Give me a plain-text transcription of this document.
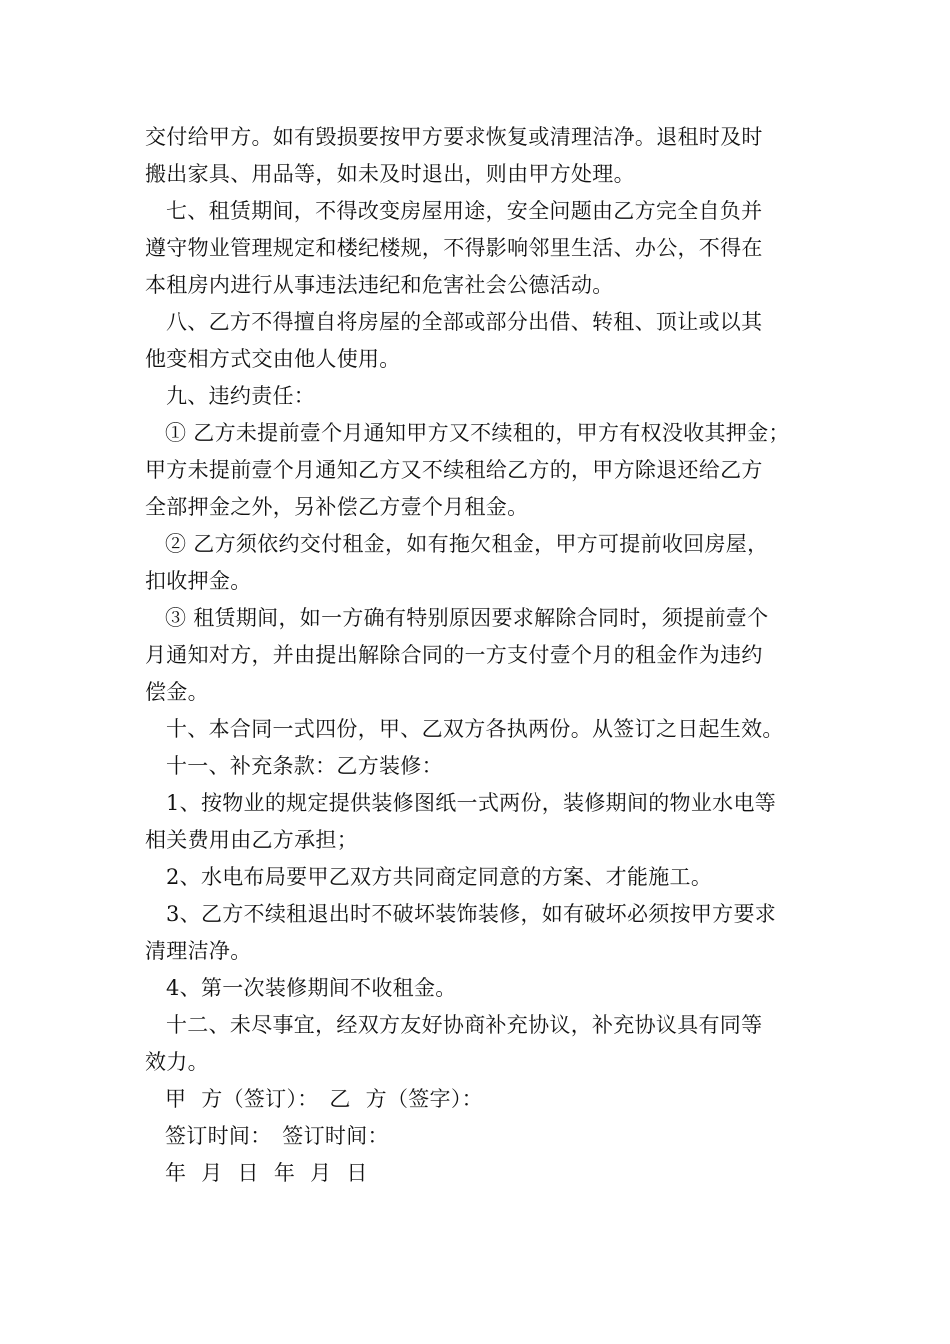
交付给甲方。如有毁损要按甲方要求恢复或清理洁净。退租时及时
搬出家具、用品等，如未及时退出，则由甲方处理。
七、租赁期间，不得改变房屋用途，安全问题由乙方完全自负并
遵守物业管理规定和楼纪楼规，不得影响邻里生活、办公，不得在
本租房内进行从事违法违纪和危害社会公德活动。
八、乙方不得擅自将房屋的全部或部分出借、转租、顶让或以其
他变相方式交由他人使用。
九、违约责任：
① 乙方未提前壹个月通知甲方又不续租的，甲方有权没收其押金；
甲方未提前壹个月通知乙方又不续租给乙方的，甲方除退还给乙方
全部押金之外，另补偿乙方壹个月租金。
② 乙方须依约交付租金，如有拖欠租金，甲方可提前收回房屋，
扣收押金。
③ 租赁期间，如一方确有特别原因要求解除合同时，须提前壹个
月通知对方，并由提出解除合同的一方支付壹个月的租金作为违约
偿金。
十、本合同一式四份，甲、乙双方各执两份。从签订之日起生效。
十一、补充条款：乙方装修：
1、按物业的规定提供装修图纸一式两份，装修期间的物业水电等
相关费用由乙方承担；
2、水电布局要甲乙双方共同商定同意的方案、才能施工。
3、乙方不续租退出时不破坏装饰装修，如有破坏必须按甲方要求
清理洁净。
4、第一次装修期间不收租金。
十二、未尽事宜，经双方友好协商补充协议，补充协议具有同等
效力。
甲 方（签订）：　乙 方（签字）：
签订时间：　签订时间：
年 月 日 年 月 日
